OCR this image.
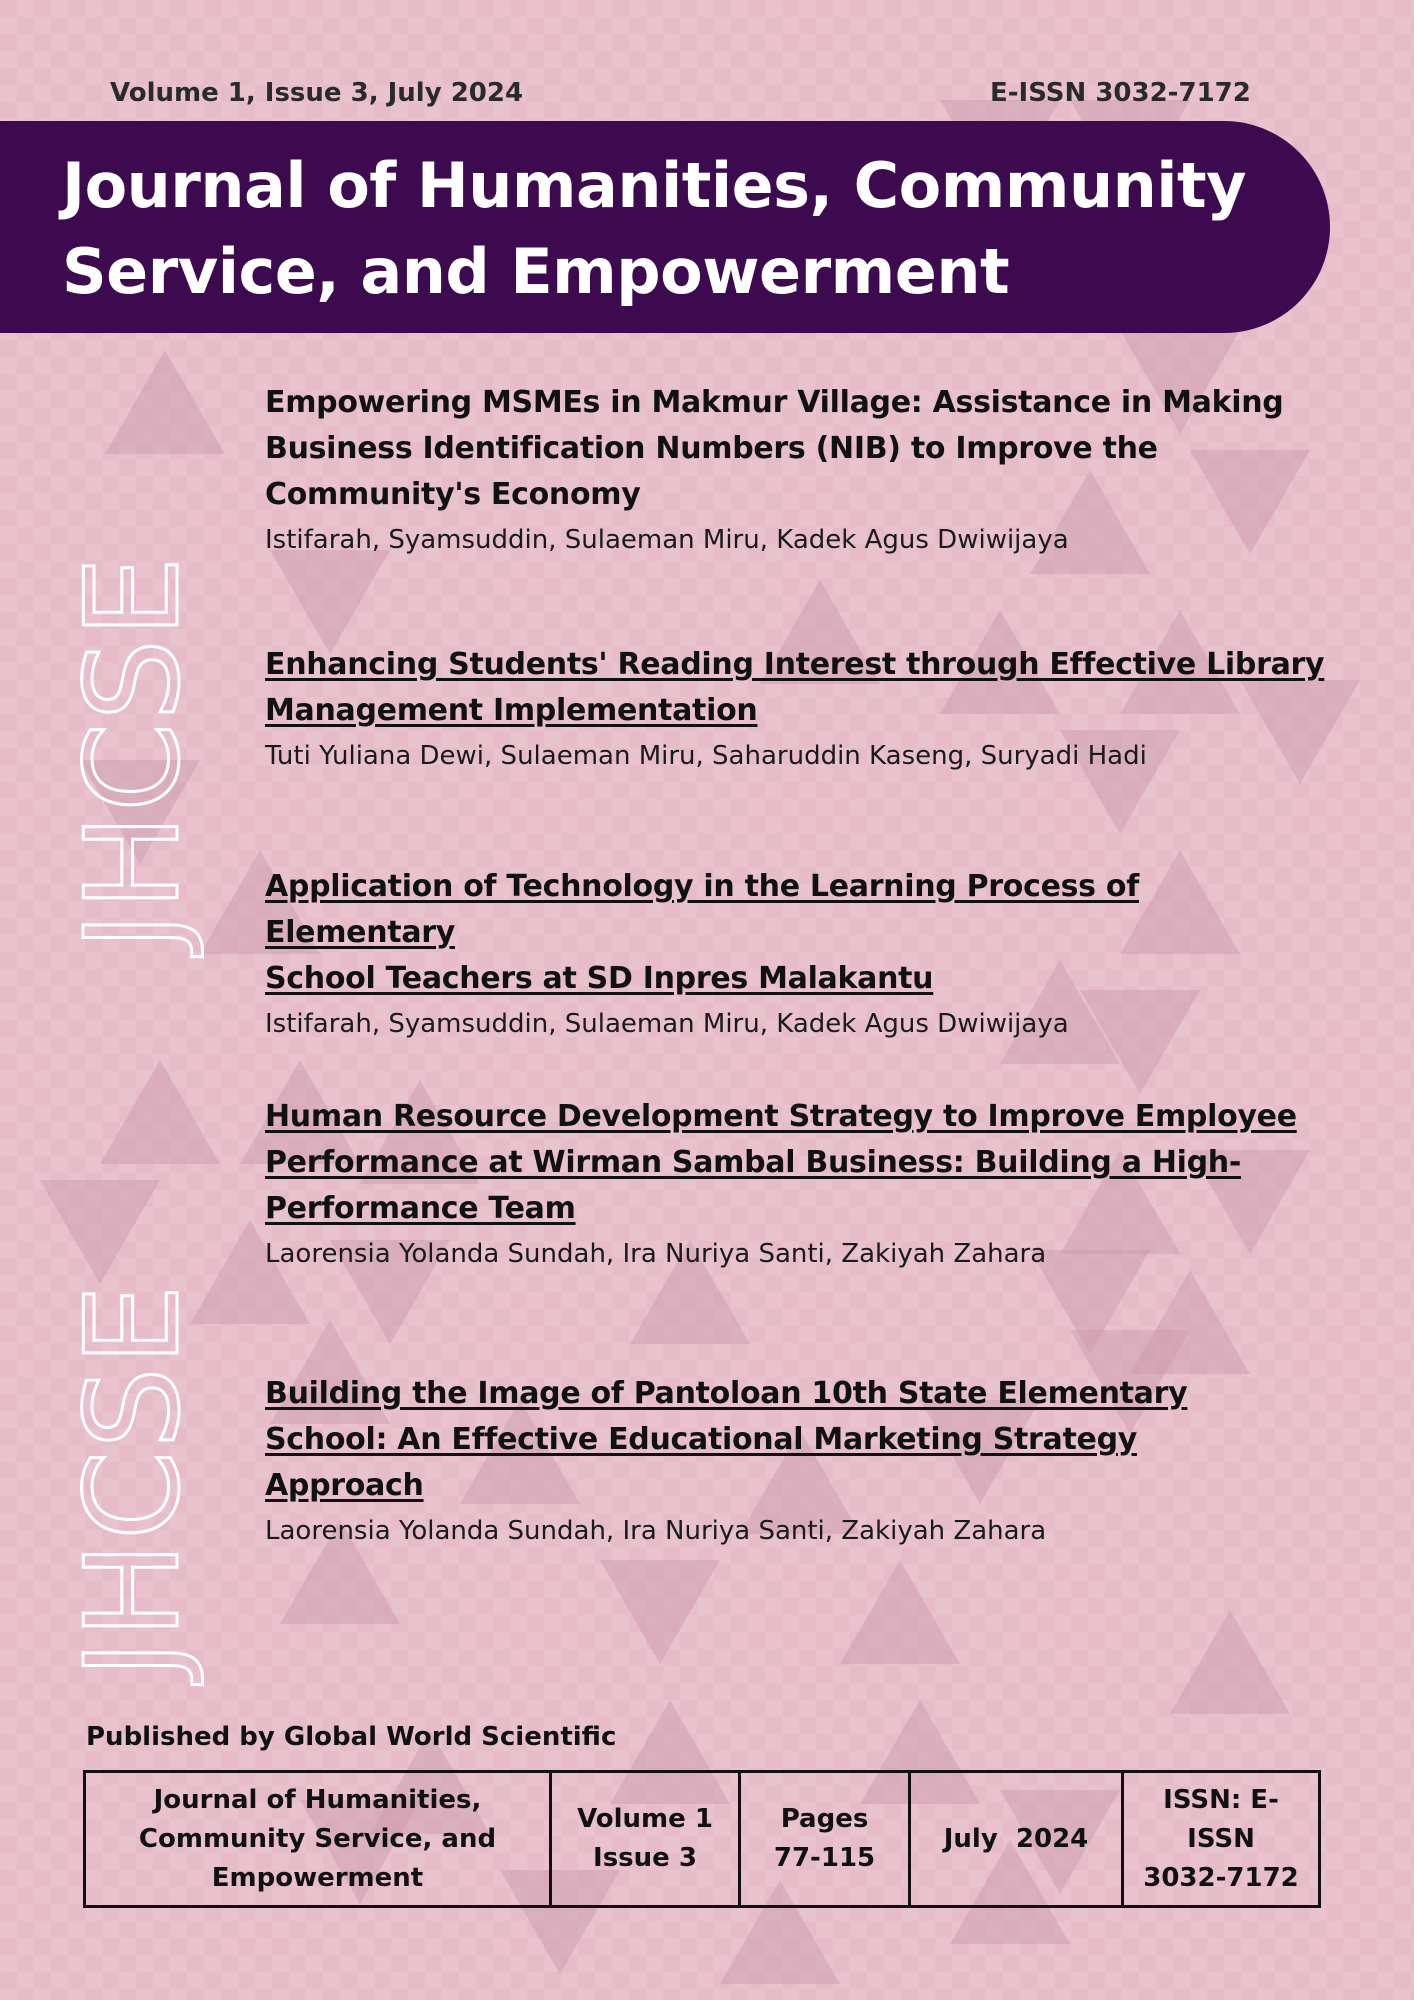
Volume 1, Issue 3, July 2024	E-ISSN 3032-7172
Journal of Humanities, Community
Service, and Empowerment
JHCSE
JHCSE
Empowering MSMEs in Makmur Village: Assistance in Making
Business Identification Numbers (NIB) to Improve the
Community's Economy
Istifarah, Syamsuddin, Sulaeman Miru, Kadek Agus Dwiwijaya
Enhancing Students' Reading Interest through Effective Library
Management Implementation
Tuti Yuliana Dewi, Sulaeman Miru, Saharuddin Kaseng, Suryadi Hadi
Application of Technology in the Learning Process of Elementary
School Teachers at SD Inpres Malakantu
Istifarah, Syamsuddin, Sulaeman Miru, Kadek Agus Dwiwijaya
Human Resource Development Strategy to Improve Employee
Performance at Wirman Sambal Business: Building a High-
Performance Team
Laorensia Yolanda Sundah, Ira Nuriya Santi, Zakiyah Zahara
Building the Image of Pantoloan 10th State Elementary
School: An Effective Educational Marketing Strategy
Approach
Laorensia Yolanda Sundah, Ira Nuriya Santi, Zakiyah Zahara
Published by Global World Scientific
Journal of Humanities,
Community Service, and
Empowerment
Volume 1
Issue 3
Pages
77-115
July  2024
ISSN: E-ISSN
3032-7172
